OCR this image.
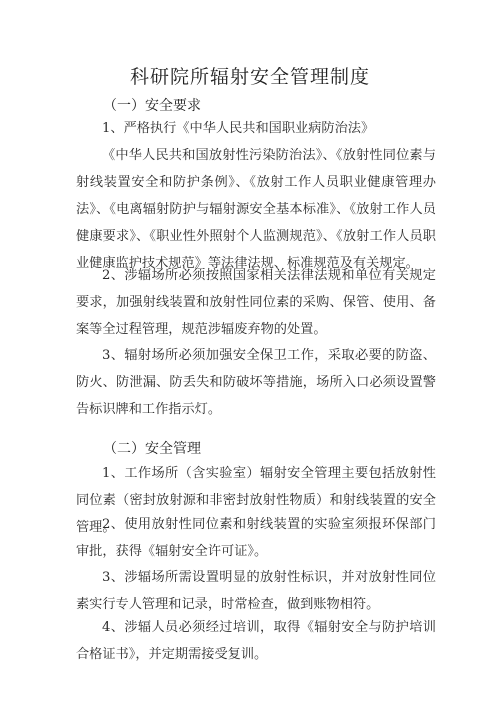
科研院所辐射安全管理制度
（一）安全要求

1、严格执行《中华人民共和国职业病防治法》

《中华人民共和国放射性污染防治法》、《放射性同位素与射线装置安全和防护条例》、《放射工作人员职业健康管理办法》、《电离辐射防护与辐射源安全基本标准》、《放射工作人员健康要求》、《职业性外照射个人监测规范》、《放射工作人员职业健康监护技术规范》等法律法规、标准规范及有关规定。

2、涉辐场所必须按照国家相关法律法规和单位有关规定要求，加强射线装置和放射性同位素的采购、保管、使用、备案等全过程管理，规范涉辐废弃物的处置。

3、辐射场所必须加强安全保卫工作，采取必要的防盗、防火、防泄漏、防丢失和防破坏等措施，场所入口必须设置警告标识牌和工作指示灯。

（二）安全管理

1、工作场所（含实验室）辐射安全管理主要包括放射性同位素（密封放射源和非密封放射性物质）和射线装置的安全管理。

2、使用放射性同位素和射线装置的实验室须报环保部门审批，获得《辐射安全许可证》。

3、涉辐场所需设置明显的放射性标识，并对放射性同位素实行专人管理和记录，时常检查，做到账物相符。

4、涉辐人员必须经过培训，取得《辐射安全与防护培训合格证书》，并定期需接受复训。
